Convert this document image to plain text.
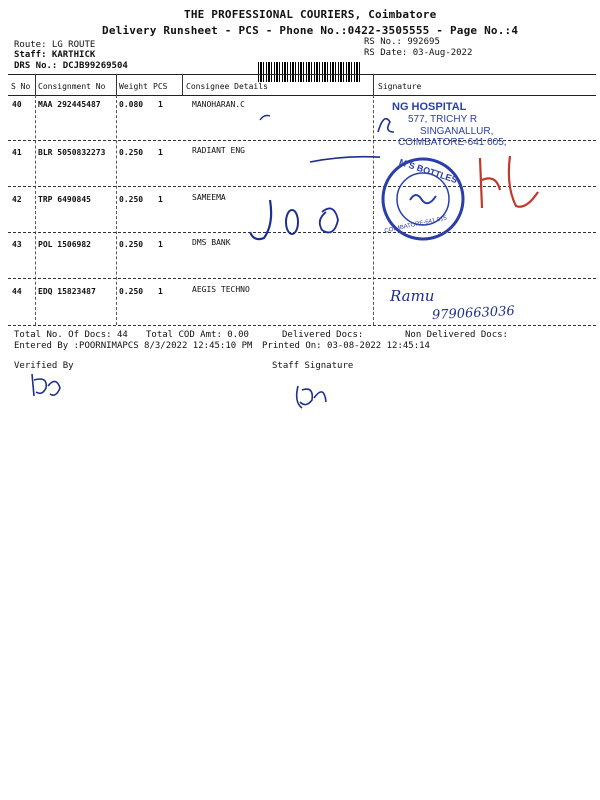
THE PROFESSIONAL COURIERS, Coimbatore
Delivery Runsheet - PCS - Phone No.:0422-3505555 - Page No.:4
Route: LG ROUTE
Staff: KARTHICK
DRS No.: DCJB99269504
RS No.: 992695
RS Date: 03-Aug-2022
S No Consignment No Weight PCS Consignee Details	Signature
40 MAA 292445487 0.080 1	MANOHARAN.C
41 BLR 5050832273 0.250 1	RADIANT ENG
42 TRP 6490845	0.250 1	SAMEEMA
43 POL 1506982	0.250 1	DMS BANK
44 EDQ 15823487	0.250 1	AEGIS TECHNO
NG HOSPITAL
577, TRICHY R
SINGANALLUR,
COIMBATORE-641 005,
M S BOTTLES
COIMBATORE-641 015
Ramu
9790663036
Total No. Of Docs: 44 Total COD Amt: 0.00	Delivered Docs:	Non Delivered Docs:
Entered By :POORNIMAPCS 8/3/2022 12:45:10 PM Printed On: 03-08-2022 12:45:14
Verified By	Staff Signature
